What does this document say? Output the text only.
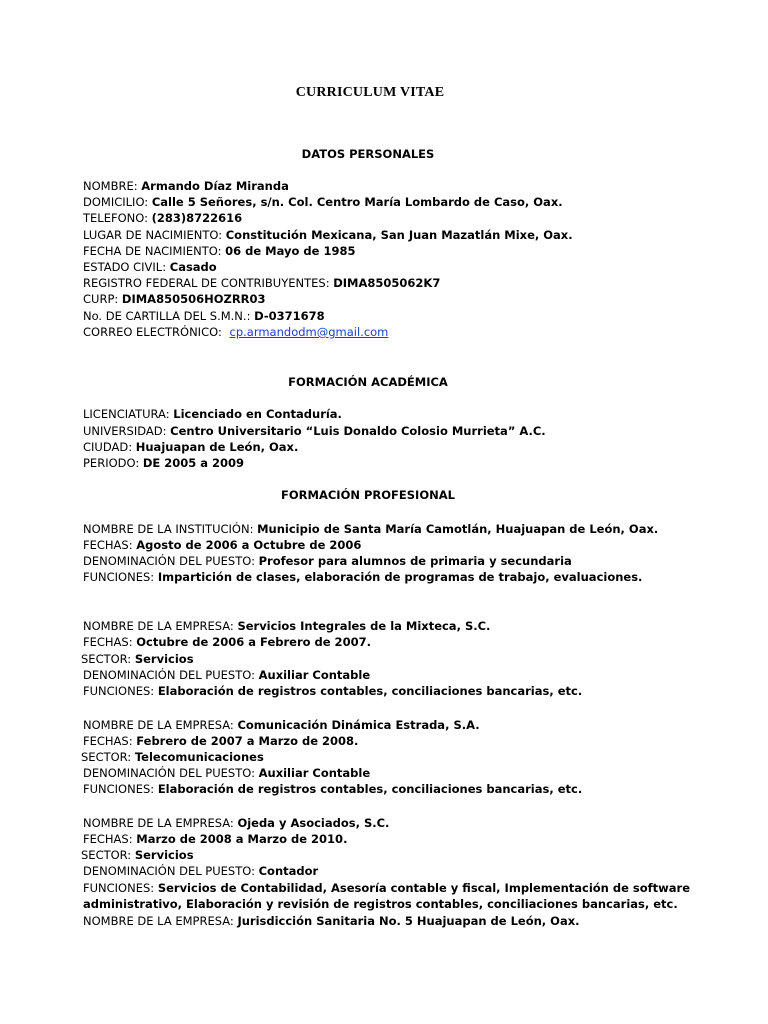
CURRICULUM VITAE
DATOS PERSONALES
NOMBRE: Armando Díaz Miranda
DOMICILIO: Calle 5 Señores, s/n. Col. Centro María Lombardo de Caso, Oax.
TELEFONO: (283)8722616
LUGAR DE NACIMIENTO: Constitución Mexicana, San Juan Mazatlán Mixe, Oax.
FECHA DE NACIMIENTO: 06 de Mayo de 1985
ESTADO CIVIL: Casado
REGISTRO FEDERAL DE CONTRIBUYENTES: DIMA8505062K7
CURP: DIMA850506HOZRR03
No. DE CARTILLA DEL S.M.N.: D-0371678
CORREO ELECTRÓNICO:  cp.armandodm@gmail.com
FORMACIÓN ACADÉMICA
LICENCIATURA: Licenciado en Contaduría.
UNIVERSIDAD: Centro Universitario “Luis Donaldo Colosio Murrieta” A.C.
CIUDAD: Huajuapan de León, Oax.
PERIODO: DE 2005 a 2009
FORMACIÓN PROFESIONAL
NOMBRE DE LA INSTITUCIÓN: Municipio de Santa María Camotlán, Huajuapan de León, Oax.
FECHAS: Agosto de 2006 a Octubre de 2006
DENOMINACIÓN DEL PUESTO: Profesor para alumnos de primaria y secundaria
FUNCIONES: Impartición de clases, elaboración de programas de trabajo, evaluaciones.
NOMBRE DE LA EMPRESA: Servicios Integrales de la Mixteca, S.C.
FECHAS: Octubre de 2006 a Febrero de 2007.
SECTOR: Servicios
DENOMINACIÓN DEL PUESTO: Auxiliar Contable
FUNCIONES: Elaboración de registros contables, conciliaciones bancarias, etc.
NOMBRE DE LA EMPRESA: Comunicación Dinámica Estrada, S.A.
FECHAS: Febrero de 2007 a Marzo de 2008.
SECTOR: Telecomunicaciones
DENOMINACIÓN DEL PUESTO: Auxiliar Contable
FUNCIONES: Elaboración de registros contables, conciliaciones bancarias, etc.
NOMBRE DE LA EMPRESA: Ojeda y Asociados, S.C.
FECHAS: Marzo de 2008 a Marzo de 2010.
SECTOR: Servicios
DENOMINACIÓN DEL PUESTO: Contador
FUNCIONES: Servicios de Contabilidad, Asesoría contable y fiscal, Implementación de software
administrativo, Elaboración y revisión de registros contables, conciliaciones bancarias, etc.
NOMBRE DE LA EMPRESA: Jurisdicción Sanitaria No. 5 Huajuapan de León, Oax.
